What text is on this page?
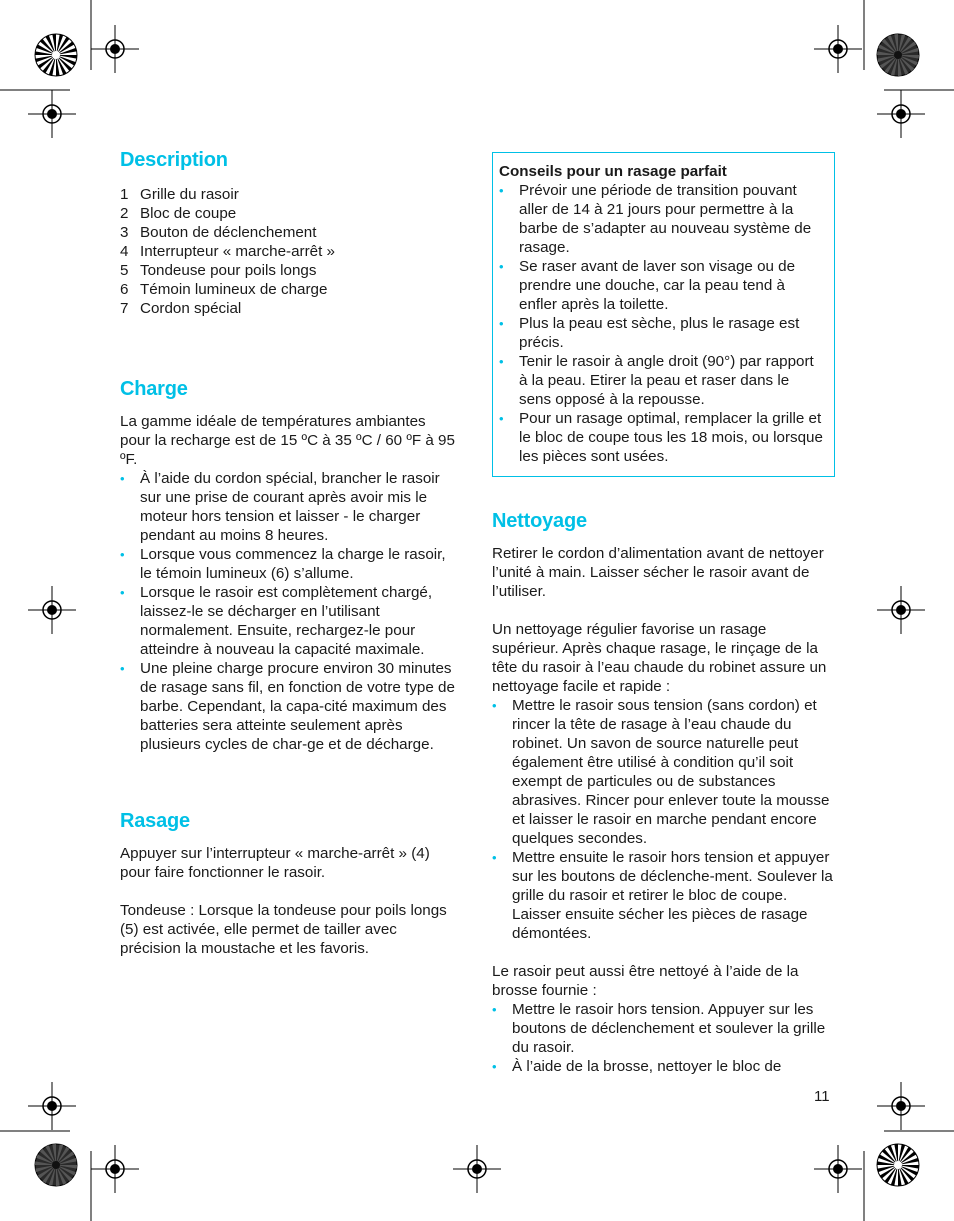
Description
1 Grille du rasoir
2 Bloc de coupe
3 Bouton de déclenchement
4 Interrupteur « marche-arrêt »
5 Tondeuse pour poils longs
6 Témoin lumineux de charge
7 Cordon spécial
Charge

La gamme idéale de températures ambiantes pour la recharge est de 15 ºC à 35 ºC / 60 ºF à 95 ºF.

• À l’aide du cordon spécial, brancher le rasoir sur une prise de courant après avoir mis le moteur hors tension et laisser - le charger pendant au moins 8 heures.
• Lorsque vous commencez la charge le rasoir, le témoin lumineux (6) s’allume.
• Lorsque le rasoir est complètement chargé, laissez-le se décharger en l’utilisant normalement. Ensuite, rechargez-le pour atteindre à nouveau la capacité maximale.
• Une pleine charge procure environ 30 minutes de rasage sans fil, en fonction de votre type de barbe. Cependant, la capa-cité maximum des batteries sera atteinte seulement après plusieurs cycles de char-ge et de décharge.
Rasage

Appuyer sur l’interrupteur « marche-arrêt » (4) pour faire fonctionner le rasoir.

Tondeuse : Lorsque la tondeuse pour poils longs (5) est activée, elle permet de tailler avec précision la moustache et les favoris.

Conseils pour un rasage parfait
• Prévoir une période de transition pouvant aller de 14 à 21 jours pour permettre à la barbe de s’adapter au nouveau système de rasage.
• Se raser avant de laver son visage ou de prendre une douche, car la peau tend à enfler après la toilette.
• Plus la peau est sèche, plus le rasage est précis.
• Tenir le rasoir à angle droit (90°) par rapport à la peau. Etirer la peau et raser dans le sens opposé à la repousse.
• Pour un rasage optimal, remplacer la grille et le bloc de coupe tous les 18 mois, ou lorsque les pièces sont usées.
Nettoyage

Retirer le cordon d’alimentation avant de nettoyer l’unité à main. Laisser sécher le rasoir avant de l’utiliser.

Un nettoyage régulier favorise un rasage supérieur. Après chaque rasage, le rinçage de la tête du rasoir à l’eau chaude du robinet assure un nettoyage facile et rapide :

• Mettre le rasoir sous tension (sans cordon) et rincer la tête de rasage à l’eau chaude du robinet. Un savon de source naturelle peut également être utilisé à condition qu’il soit exempt de particules ou de substances abrasives. Rincer pour enlever toute la mousse et laisser le rasoir en marche pendant encore quelques secondes.
• Mettre ensuite le rasoir hors tension et appuyer sur les boutons de déclenche-ment. Soulever la grille du rasoir et retirer le bloc de coupe. Laisser ensuite sécher les pièces de rasage démontées.

Le rasoir peut aussi être nettoyé à l’aide de la brosse fournie :

• Mettre le rasoir hors tension. Appuyer sur les boutons de déclenchement et soulever la grille du rasoir.
• À l’aide de la brosse, nettoyer le bloc de
11
